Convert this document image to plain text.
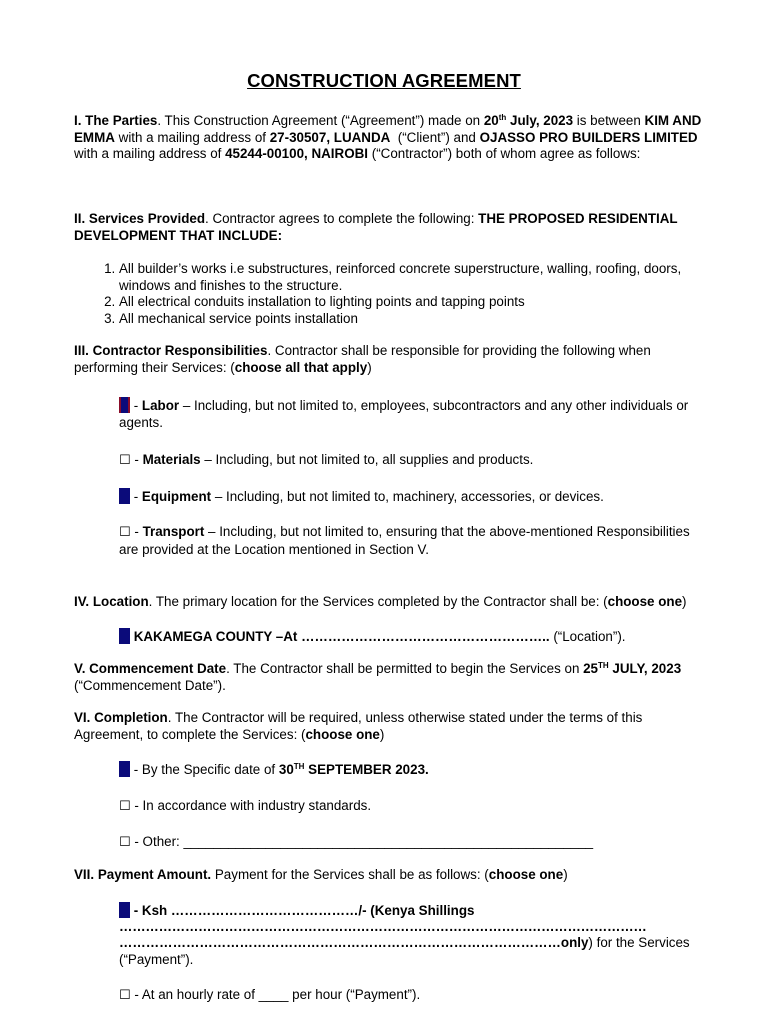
CONSTRUCTION AGREEMENT
I. The Parties. This Construction Agreement (“Agreement”) made on 20th July, 2023 is between KIM AND EMMA with a mailing address of 27-30507, LUANDA  (“Client”) and OJASSO PRO BUILDERS LIMITED with a mailing address of 45244-00100, NAIROBI (“Contractor”) both of whom agree as follows:
II. Services Provided. Contractor agrees to complete the following: THE PROPOSED RESIDENTIAL DEVELOPMENT THAT INCLUDE:
1. All builder’s works i.e substructures, reinforced concrete superstructure, walling, roofing, doors, windows and finishes to the structure.
2. All electrical conduits installation to lighting points and tapping points
3. All mechanical service points installation
III. Contractor Responsibilities. Contractor shall be responsible for providing the following when performing their Services: (choose all that apply)
- Labor – Including, but not limited to, employees, subcontractors and any other individuals or agents.
☐ - Materials – Including, but not limited to, all supplies and products.
- Equipment – Including, but not limited to, machinery, accessories, or devices.
☐ - Transport – Including, but not limited to, ensuring that the above-mentioned Responsibilities are provided at the Location mentioned in Section V.
IV. Location. The primary location for the Services completed by the Contractor shall be: (choose one)
KAKAMEGA COUNTY –At ……………………………………………….. (“Location”).
V. Commencement Date. The Contractor shall be permitted to begin the Services on 25TH JULY, 2023 (“Commencement Date”).
VI. Completion. The Contractor will be required, unless otherwise stated under the terms of this Agreement, to complete the Services: (choose one)
- By the Specific date of 30TH SEPTEMBER 2023.
☐ - In accordance with industry standards.
☐ - Other: _______________________________________________________
VII. Payment Amount. Payment for the Services shall be as follows: (choose one)
- Ksh ……………………………………/- (Kenya Shillings
…………………………………………………………………………………………………………
………………………………………………………………………………………only) for the Services (“Payment”).
☐ - At an hourly rate of ____ per hour (“Payment”).
